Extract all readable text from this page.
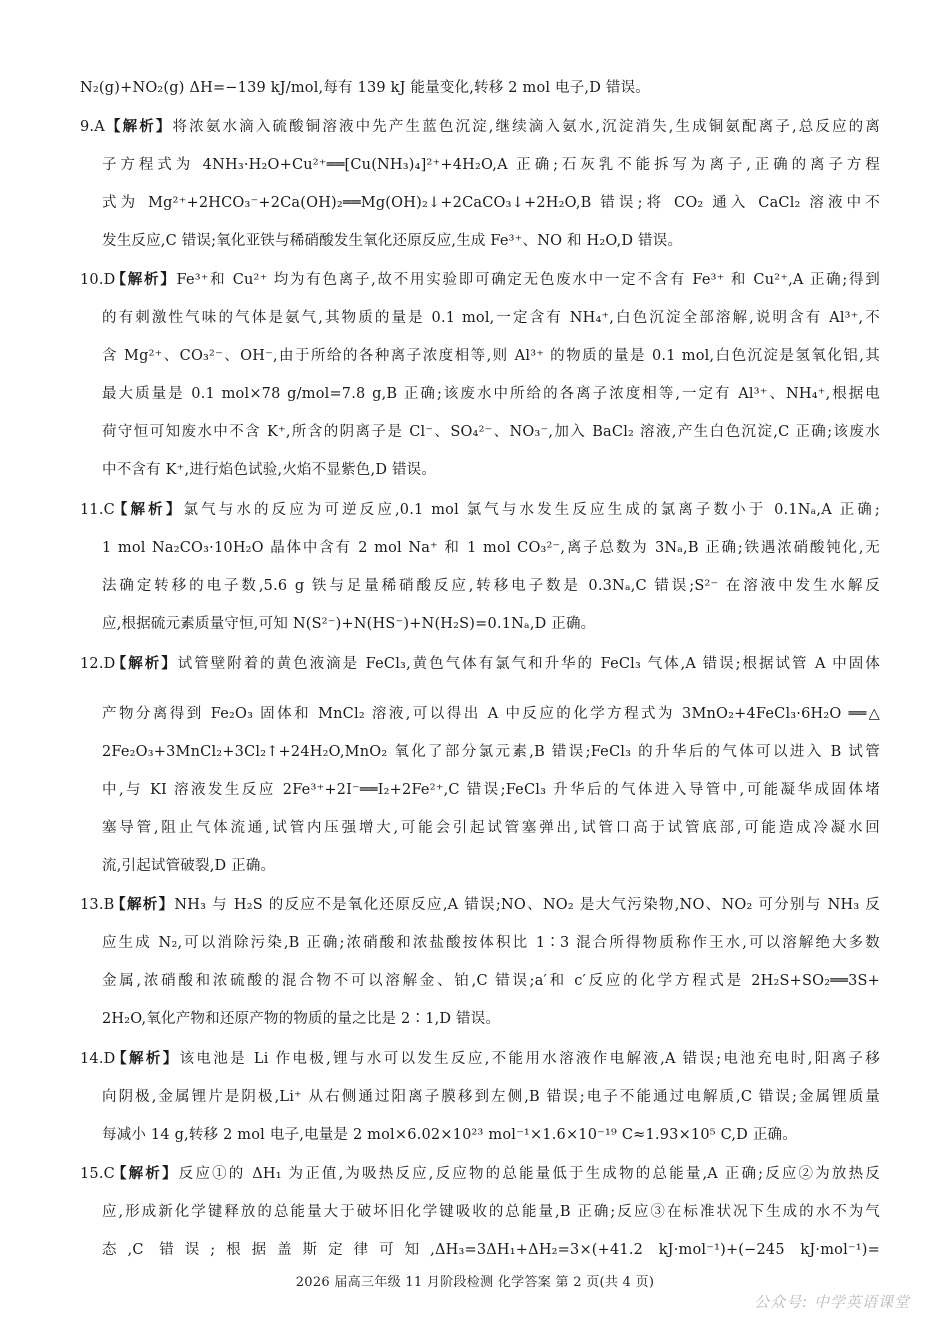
N₂(g)+NO₂(g) ΔH=−139 kJ/mol,每有 139 kJ 能量变化,转移 2 mol 电子,D 错误。
9.A【解析】将浓氨水滴入硫酸铜溶液中先产生蓝色沉淀,继续滴入氨水,沉淀消失,生成铜氨配离子,总反应的离
子方程式为 4NH₃·H₂O+Cu²⁺══[Cu(NH₃)₄]²⁺+4H₂O,A 正确;石灰乳不能拆写为离子,正确的离子方程
式为 Mg²⁺+2HCO₃⁻+2Ca(OH)₂══Mg(OH)₂↓+2CaCO₃↓+2H₂O,B 错误;将 CO₂ 通入 CaCl₂ 溶液中不
发生反应,C 错误;氧化亚铁与稀硝酸发生氧化还原反应,生成 Fe³⁺、NO 和 H₂O,D 错误。
10.D【解析】Fe³⁺和 Cu²⁺ 均为有色离子,故不用实验即可确定无色废水中一定不含有 Fe³⁺ 和 Cu²⁺,A 正确;得到
的有刺激性气味的气体是氨气,其物质的量是 0.1 mol,一定含有 NH₄⁺,白色沉淀全部溶解,说明含有 Al³⁺,不
含 Mg²⁺、CO₃²⁻、OH⁻,由于所给的各种离子浓度相等,则 Al³⁺ 的物质的量是 0.1 mol,白色沉淀是氢氧化铝,其
最大质量是 0.1 mol×78 g/mol=7.8 g,B 正确;该废水中所给的各离子浓度相等,一定有 Al³⁺、NH₄⁺,根据电
荷守恒可知废水中不含 K⁺,所含的阴离子是 Cl⁻、SO₄²⁻、NO₃⁻,加入 BaCl₂ 溶液,产生白色沉淀,C 正确;该废水
中不含有 K⁺,进行焰色试验,火焰不显紫色,D 错误。
11.C【解析】氯气与水的反应为可逆反应,0.1 mol 氯气与水发生反应生成的氯离子数小于 0.1Nₐ,A 正确;
1 mol Na₂CO₃·10H₂O 晶体中含有 2 mol Na⁺ 和 1 mol CO₃²⁻,离子总数为 3Nₐ,B 正确;铁遇浓硝酸钝化,无
法确定转移的电子数,5.6 g 铁与足量稀硝酸反应,转移电子数是 0.3Nₐ,C 错误;S²⁻ 在溶液中发生水解反
应,根据硫元素质量守恒,可知 N(S²⁻)+N(HS⁻)+N(H₂S)=0.1Nₐ,D 正确。
12.D【解析】试管壁附着的黄色液滴是 FeCl₃,黄色气体有氯气和升华的 FeCl₃ 气体,A 错误;根据试管 A 中固体
产物分离得到 Fe₂O₃ 固体和 MnCl₂ 溶液,可以得出 A 中反应的化学方程式为 3MnO₂+4FeCl₃·6H₂O ══△
2Fe₂O₃+3MnCl₂+3Cl₂↑+24H₂O,MnO₂ 氧化了部分氯元素,B 错误;FeCl₃ 的升华后的气体可以进入 B 试管
中,与 KI 溶液发生反应 2Fe³⁺+2I⁻══I₂+2Fe²⁺,C 错误;FeCl₃ 升华后的气体进入导管中,可能凝华成固体堵
塞导管,阻止气体流通,试管内压强增大,可能会引起试管塞弹出,试管口高于试管底部,可能造成冷凝水回
流,引起试管破裂,D 正确。
13.B【解析】NH₃ 与 H₂S 的反应不是氧化还原反应,A 错误;NO、NO₂ 是大气污染物,NO、NO₂ 可分别与 NH₃ 反
应生成 N₂,可以消除污染,B 正确;浓硝酸和浓盐酸按体积比 1∶3 混合所得物质称作王水,可以溶解绝大多数
金属,浓硝酸和浓硫酸的混合物不可以溶解金、铂,C 错误;a′和 c′反应的化学方程式是 2H₂S+SO₂══3S+
2H₂O,氧化产物和还原产物的物质的量之比是 2∶1,D 错误。
14.D【解析】该电池是 Li 作电极,锂与水可以发生反应,不能用水溶液作电解液,A 错误;电池充电时,阳离子移
向阴极,金属锂片是阴极,Li⁺ 从右侧通过阳离子膜移到左侧,B 错误;电子不能通过电解质,C 错误;金属锂质量
每减小 14 g,转移 2 mol 电子,电量是 2 mol×6.02×10²³ mol⁻¹×1.6×10⁻¹⁹ C≈1.93×10⁵ C,D 正确。
15.C【解析】反应①的 ΔH₁ 为正值,为吸热反应,反应物的总能量低于生成物的总能量,A 正确;反应②为放热反
应,形成新化学键释放的总能量大于破坏旧化学键吸收的总能量,B 正确;反应③在标准状况下生成的水不为气
态,C 错误;根据盖斯定律可知,ΔH₃=3ΔH₁+ΔH₂=3×(+41.2 kJ·mol⁻¹)+(−245 kJ·mol⁻¹)=
2026 届高三年级 11 月阶段检测 化学答案 第 2 页(共 4 页)
公众号: 中学英语课堂
